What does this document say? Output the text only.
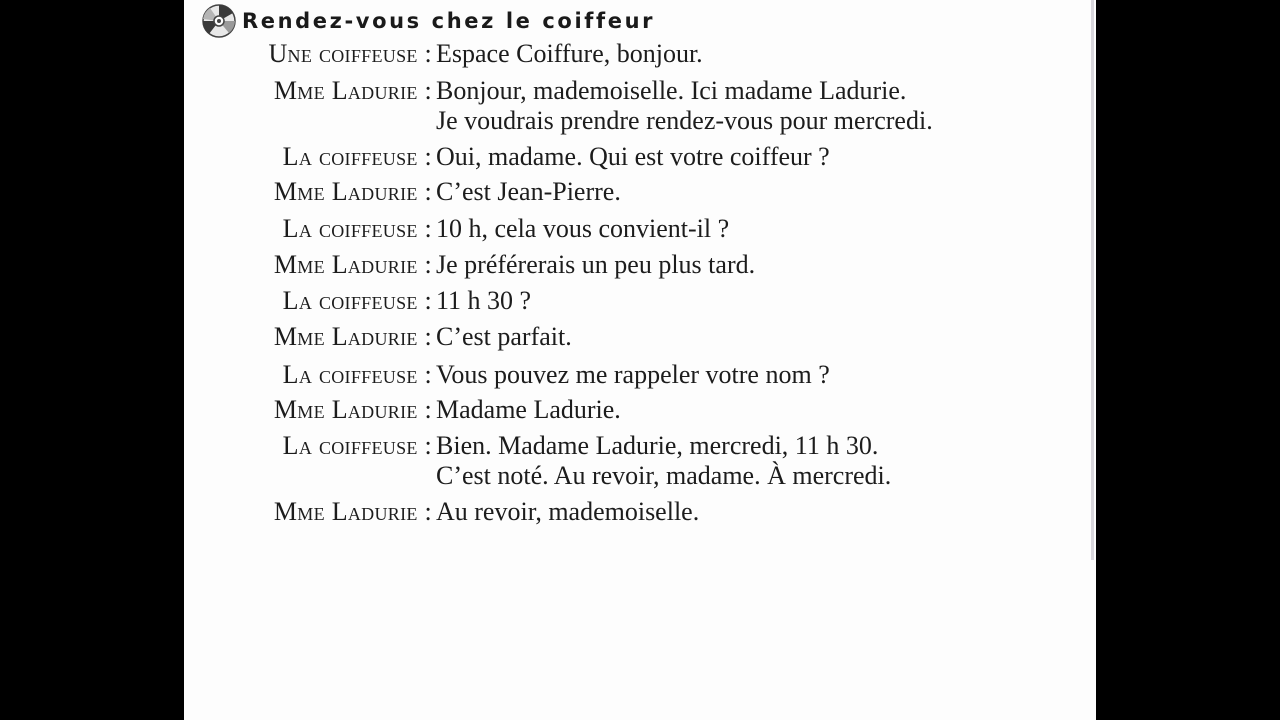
Rendez-vous chez le coiffeur
Une coiffeuse : Espace Coiffure, bonjour.
Mme Ladurie : Bonjour, mademoiselle. Ici madame Ladurie.
Je voudrais prendre rendez-vous pour mercredi.
La coiffeuse : Oui, madame. Qui est votre coiffeur ?
Mme Ladurie : C’est Jean-Pierre.
La coiffeuse : 10 h, cela vous convient-il ?
Mme Ladurie : Je préférerais un peu plus tard.
La coiffeuse : 11 h 30 ?
Mme Ladurie : C’est parfait.
La coiffeuse : Vous pouvez me rappeler votre nom ?
Mme Ladurie : Madame Ladurie.
La coiffeuse : Bien. Madame Ladurie, mercredi, 11 h 30.
C’est noté. Au revoir, madame. À mercredi.
Mme Ladurie : Au revoir, mademoiselle.
